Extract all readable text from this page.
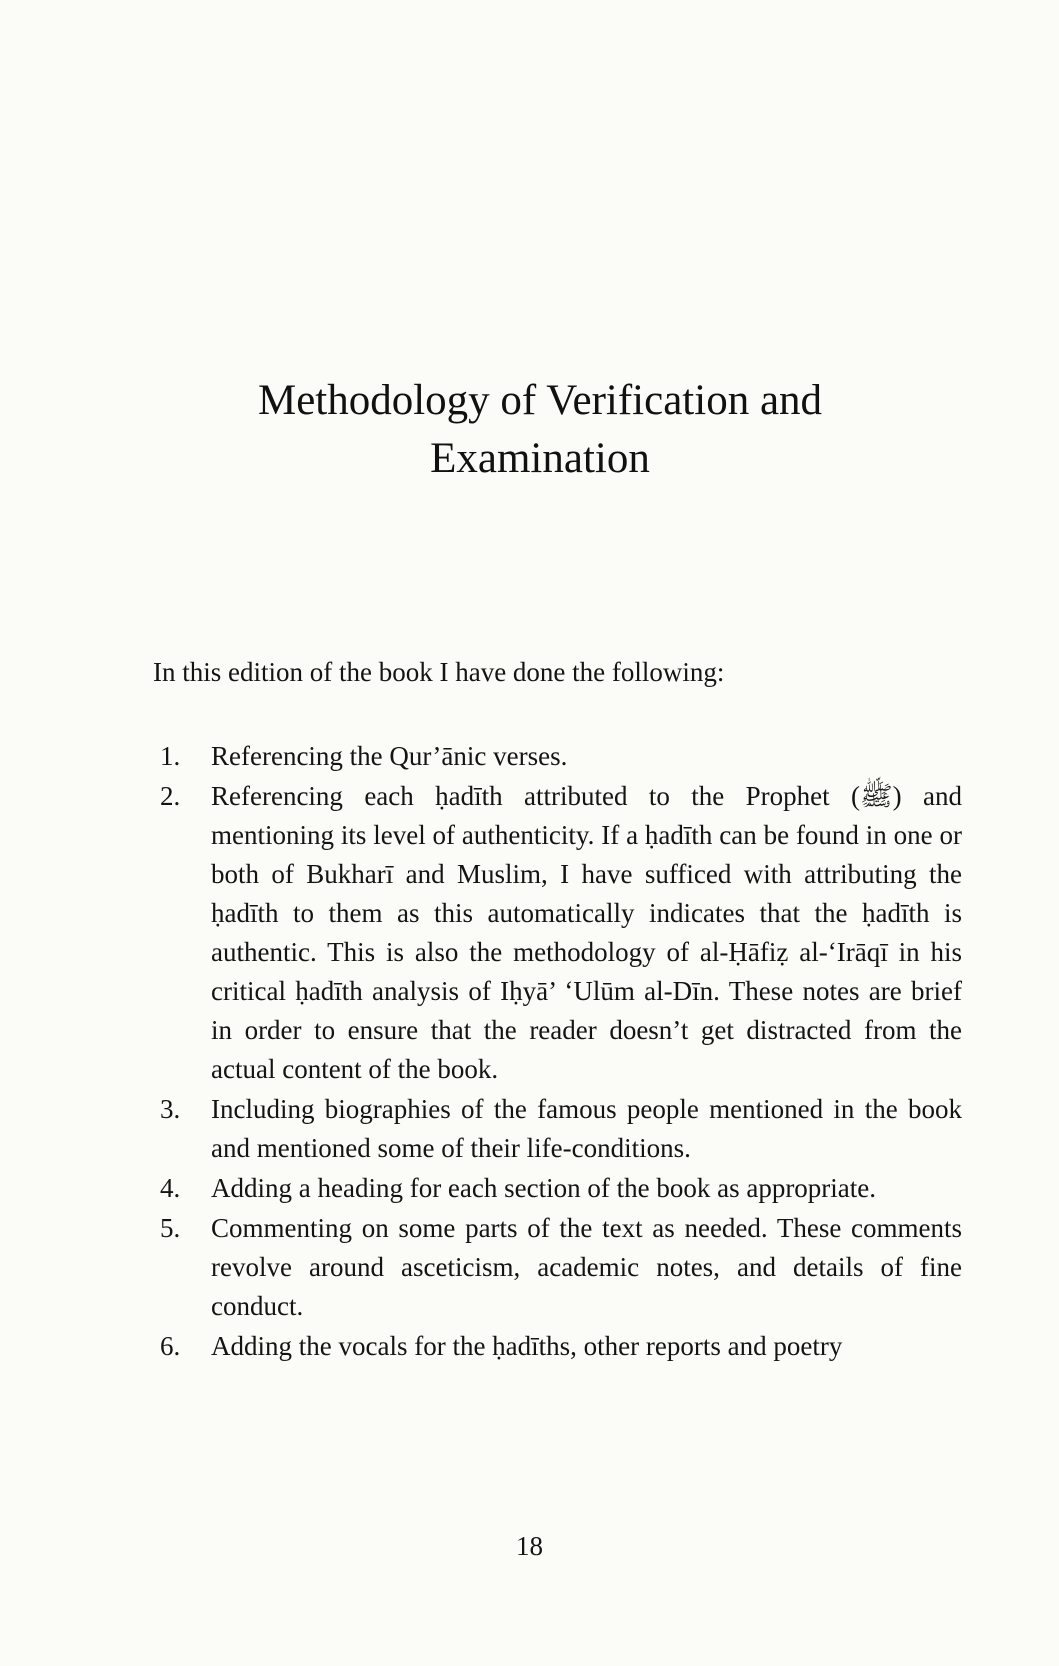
Methodology of Verification and Examination

In this edition of the book I have done the following:

1.	Referencing the Qur’ānic verses.
2.	Referencing each ḥadīth attributed to the Prophet (ﷺ) and mentioning its level of authenticity. If a ḥadīth can be found in one or both of Bukharī and Muslim, I have sufficed with attributing the ḥadīth to them as this automatically indicates that the ḥadīth is authentic. This is also the methodology of al-Ḥāfiẓ al-‘Irāqī in his critical ḥadīth analysis of Iḥyā’ ‘Ulūm al-Dīn. These notes are brief in order to ensure that the reader doesn’t get distracted from the actual content of the book.
3.	Including biographies of the famous people mentioned in the book and mentioned some of their life-conditions.
4.	Adding a heading for each section of the book as appropriate.
5.	Commenting on some parts of the text as needed. These comments revolve around asceticism, academic notes, and details of fine conduct.
6.	Adding the vocals for the ḥadīths, other reports and poetry
18
